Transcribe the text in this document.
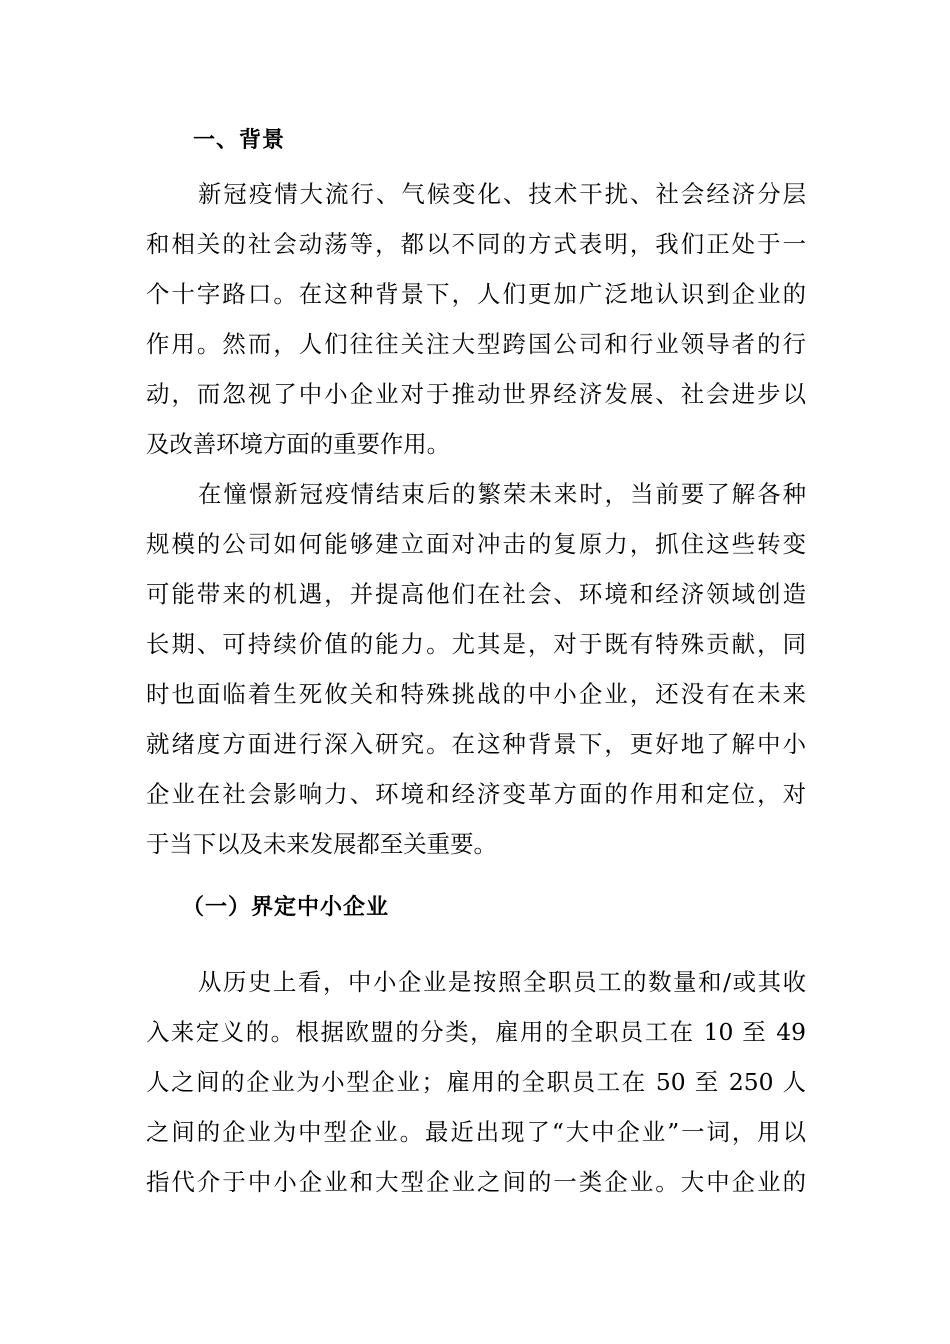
一、背景
新冠疫情大流行、气候变化、技术干扰、社会经济分层
和相关的社会动荡等，都以不同的方式表明，我们正处于一
个十字路口。在这种背景下，人们更加广泛地认识到企业的
作用。然而，人们往往关注大型跨国公司和行业领导者的行
动，而忽视了中小企业对于推动世界经济发展、社会进步以
及改善环境方面的重要作用。
在憧憬新冠疫情结束后的繁荣未来时，当前要了解各种
规模的公司如何能够建立面对冲击的复原力，抓住这些转变
可能带来的机遇，并提高他们在社会、环境和经济领域创造
长期、可持续价值的能力。尤其是，对于既有特殊贡献，同
时也面临着生死攸关和特殊挑战的中小企业，还没有在未来
就绪度方面进行深入研究。在这种背景下，更好地了解中小
企业在社会影响力、环境和经济变革方面的作用和定位，对
于当下以及未来发展都至关重要。
（一）界定中小企业
从历史上看，中小企业是按照全职员工的数量和/或其收
入来定义的。根据欧盟的分类，雇用的全职员工在 10 至 49
人之间的企业为小型企业；雇用的全职员工在 50 至 250 人
之间的企业为中型企业。最近出现了“大中企业”一词，用以
指代介于中小企业和大型企业之间的一类企业。大中企业的
